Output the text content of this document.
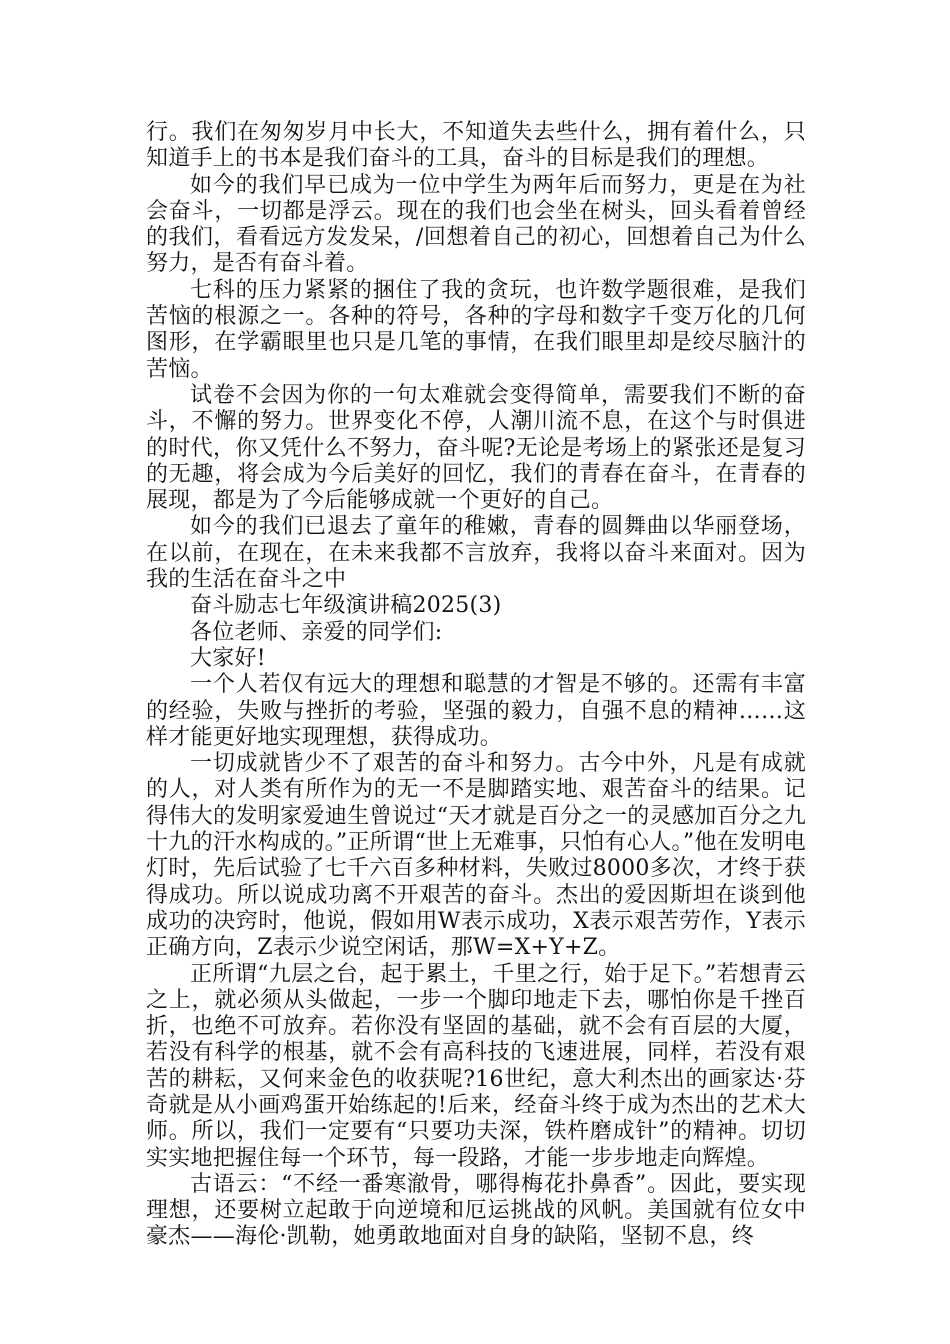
行。我们在匆匆岁月中长大，不知道失去些什么，拥有着什么，只知道手上的书本是我们奋斗的工具，奋斗的目标是我们的理想。

如今的我们早已成为一位中学生为两年后而努力，更是在为社会奋斗，一切都是浮云。现在的我们也会坐在树头，回头看着曾经的我们，看看远方发发呆，/回想着自己的初心，回想着自己为什么努力，是否有奋斗着。

七科的压力紧紧的捆住了我的贪玩，也许数学题很难，是我们苦恼的根源之一。各种的符号，各种的字母和数字千变万化的几何图形，在学霸眼里也只是几笔的事情，在我们眼里却是绞尽脑汁的苦恼。

试卷不会因为你的一句太难就会变得简单，需要我们不断的奋斗，不懈的努力。世界变化不停，人潮川流不息，在这个与时俱进的时代，你又凭什么不努力，奋斗呢?无论是考场上的紧张还是复习的无趣，将会成为今后美好的回忆，我们的青春在奋斗，在青春的展现，都是为了今后能够成就一个更好的自己。

如今的我们已退去了童年的稚嫩，青春的圆舞曲以华丽登场，在以前，在现在，在未来我都不言放弃，我将以奋斗来面对。因为我的生活在奋斗之中

奋斗励志七年级演讲稿2025(3)

各位老师、亲爱的同学们:

大家好!

一个人若仅有远大的理想和聪慧的才智是不够的。还需有丰富的经验，失败与挫折的考验，坚强的毅力，自强不息的精神……这样才能更好地实现理想，获得成功。

一切成就皆少不了艰苦的奋斗和努力。古今中外，凡是有成就的人，对人类有所作为的无一不是脚踏实地、艰苦奋斗的结果。记得伟大的发明家爱迪生曾说过“天才就是百分之一的灵感加百分之九十九的汗水构成的。”正所谓“世上无难事，只怕有心人。”他在发明电灯时，先后试验了七千六百多种材料，失败过8000多次，才终于获得成功。所以说成功离不开艰苦的奋斗。杰出的爱因斯坦在谈到他成功的决窍时，他说，假如用W表示成功，X表示艰苦劳作，Y表示正确方向，Z表示少说空闲话，那W=X+Y+Z。

正所谓“九层之台，起于累土，千里之行，始于足下。”若想青云之上，就必须从头做起，一步一个脚印地走下去，哪怕你是千挫百折，也绝不可放弃。若你没有坚固的基础，就不会有百层的大厦，若没有科学的根基，就不会有高科技的飞速进展，同样，若没有艰苦的耕耘，又何来金色的收获呢?16世纪，意大利杰出的画家达·芬奇就是从小画鸡蛋开始练起的!后来，经奋斗终于成为杰出的艺术大师。所以，我们一定要有“只要功夫深，铁杵磨成针”的精神。切切实实地把握住每一个环节，每一段路，才能一步步地走向辉煌。

古语云：“不经一番寒澈骨，哪得梅花扑鼻香”。因此，要实现理想，还要树立起敢于向逆境和厄运挑战的风帆。美国就有位女中豪杰——海伦·凯勒，她勇敢地面对自身的缺陷，坚韧不息，终
